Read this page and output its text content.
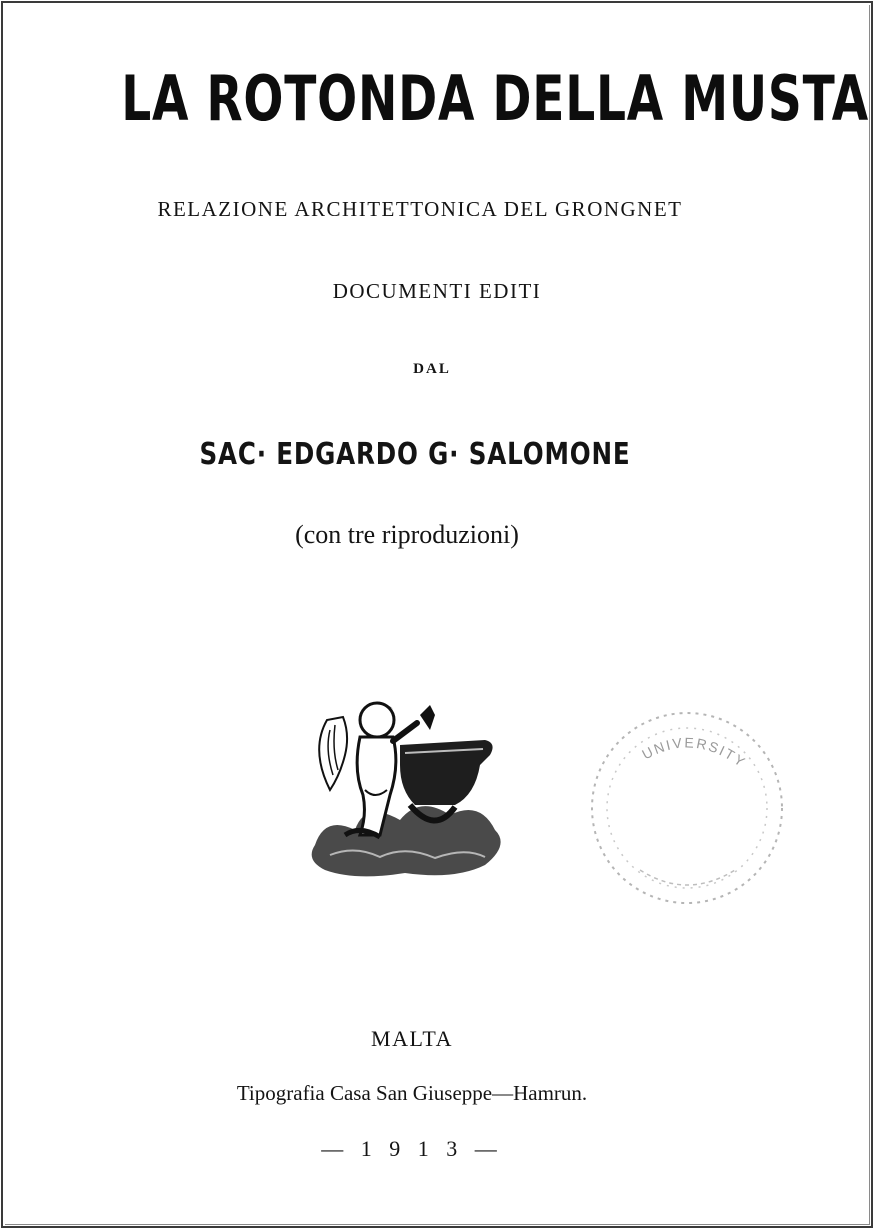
LA ROTONDA DELLA MUSTA
RELAZIONE ARCHITETTONICA DEL GRONGNET
DOCUMENTI EDITI
DAL
SAC· EDGARDO G· SALOMONE
(con tre riproduzioni)
UNIVERSITY
MALTA
Tipografia Casa San Giuseppe—Hamrun.
— 1 9 1 3 —
